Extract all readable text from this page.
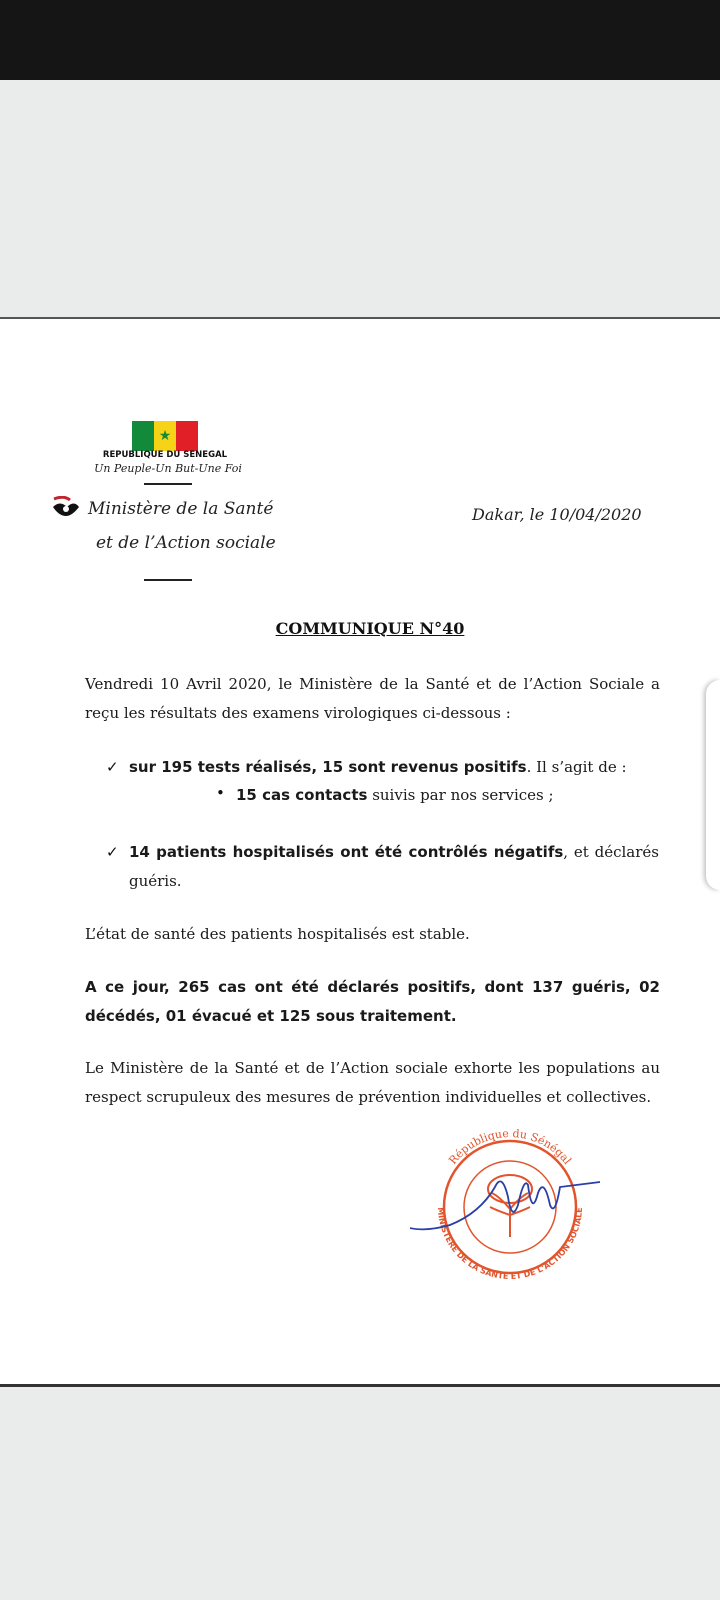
★
REPUBLIQUE DU SENEGAL
Un Peuple-Un But-Une Foi
Ministère de la Santé
et de l’Action sociale
Dakar, le 10/04/2020
COMMUNIQUE N°40
Vendredi 10 Avril 2020, le Ministère de la Santé et de l’Action Sociale a reçu les résultats des examens virologiques ci-dessous :
✓ sur 195 tests réalisés, 15 sont revenus positifs. Il s’agit de :
• 15 cas contacts suivis par nos services ;
✓ 14 patients hospitalisés ont été contrôlés négatifs, et déclarés guéris.
L’état de santé des patients hospitalisés est stable.
A ce jour, 265 cas ont été déclarés positifs, dont 137 guéris, 02 décédés, 01 évacué et 125 sous traitement.
Le Ministère de la Santé et de l’Action sociale exhorte les populations au respect scrupuleux des mesures de prévention individuelles et collectives.
République du Sénégal
MINISTERE DE LA SANTE ET DE L'ACTION SOCIALE
